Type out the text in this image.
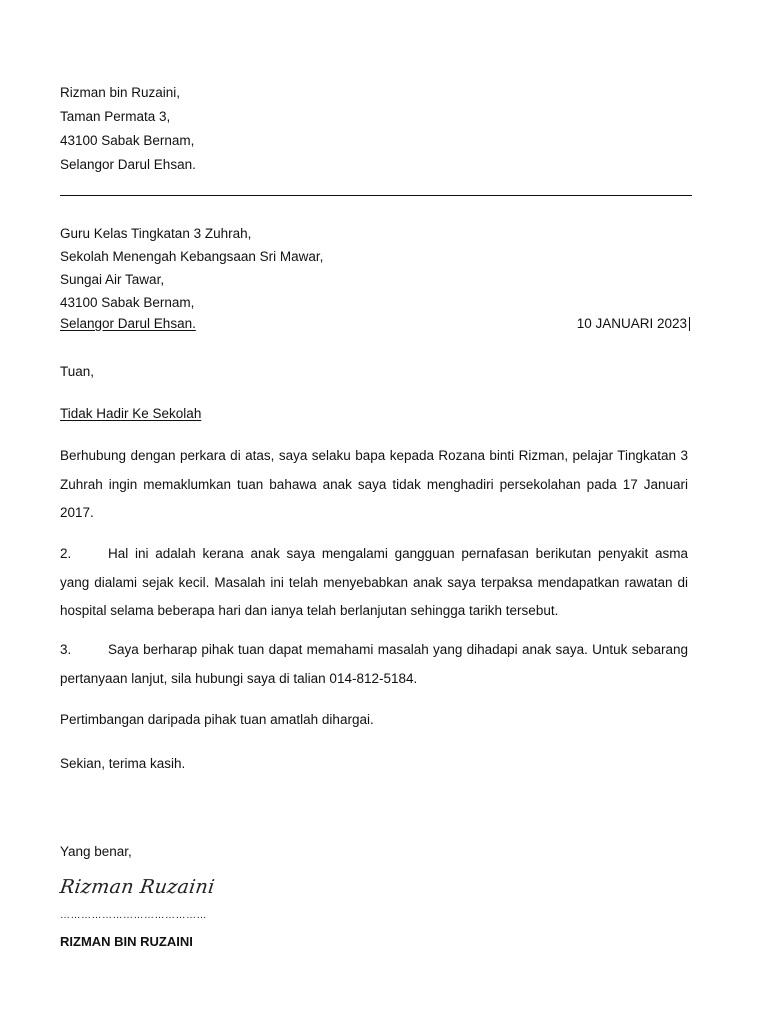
Rizman bin Ruzaini,
Taman Permata 3,
43100 Sabak Bernam,
Selangor Darul Ehsan.
Guru Kelas Tingkatan 3 Zuhrah,
Sekolah Menengah Kebangsaan Sri Mawar,
Sungai Air Tawar,
43100 Sabak Bernam,
Selangor Darul Ehsan.	10 JANUARI 2023
Tuan,
Tidak Hadir Ke Sekolah
Berhubung dengan perkara di atas, saya selaku bapa kepada Rozana binti Rizman, pelajar Tingkatan 3 Zuhrah ingin memaklumkan tuan bahawa anak saya tidak menghadiri persekolahan pada 17 Januari 2017.
2.	Hal ini adalah kerana anak saya mengalami gangguan pernafasan berikutan penyakit asma yang dialami sejak kecil. Masalah ini telah menyebabkan anak saya terpaksa mendapatkan rawatan di hospital selama beberapa hari dan ianya telah berlanjutan sehingga tarikh tersebut.
3.	Saya berharap pihak tuan dapat memahami masalah yang dihadapi anak saya. Untuk sebarang pertanyaan lanjut, sila hubungi saya di talian 014-812-5184.
Pertimbangan daripada pihak tuan amatlah dihargai.
Sekian, terima kasih.
Yang benar,
Rizman Ruzaini
……………………………………
RIZMAN BIN RUZAINI
